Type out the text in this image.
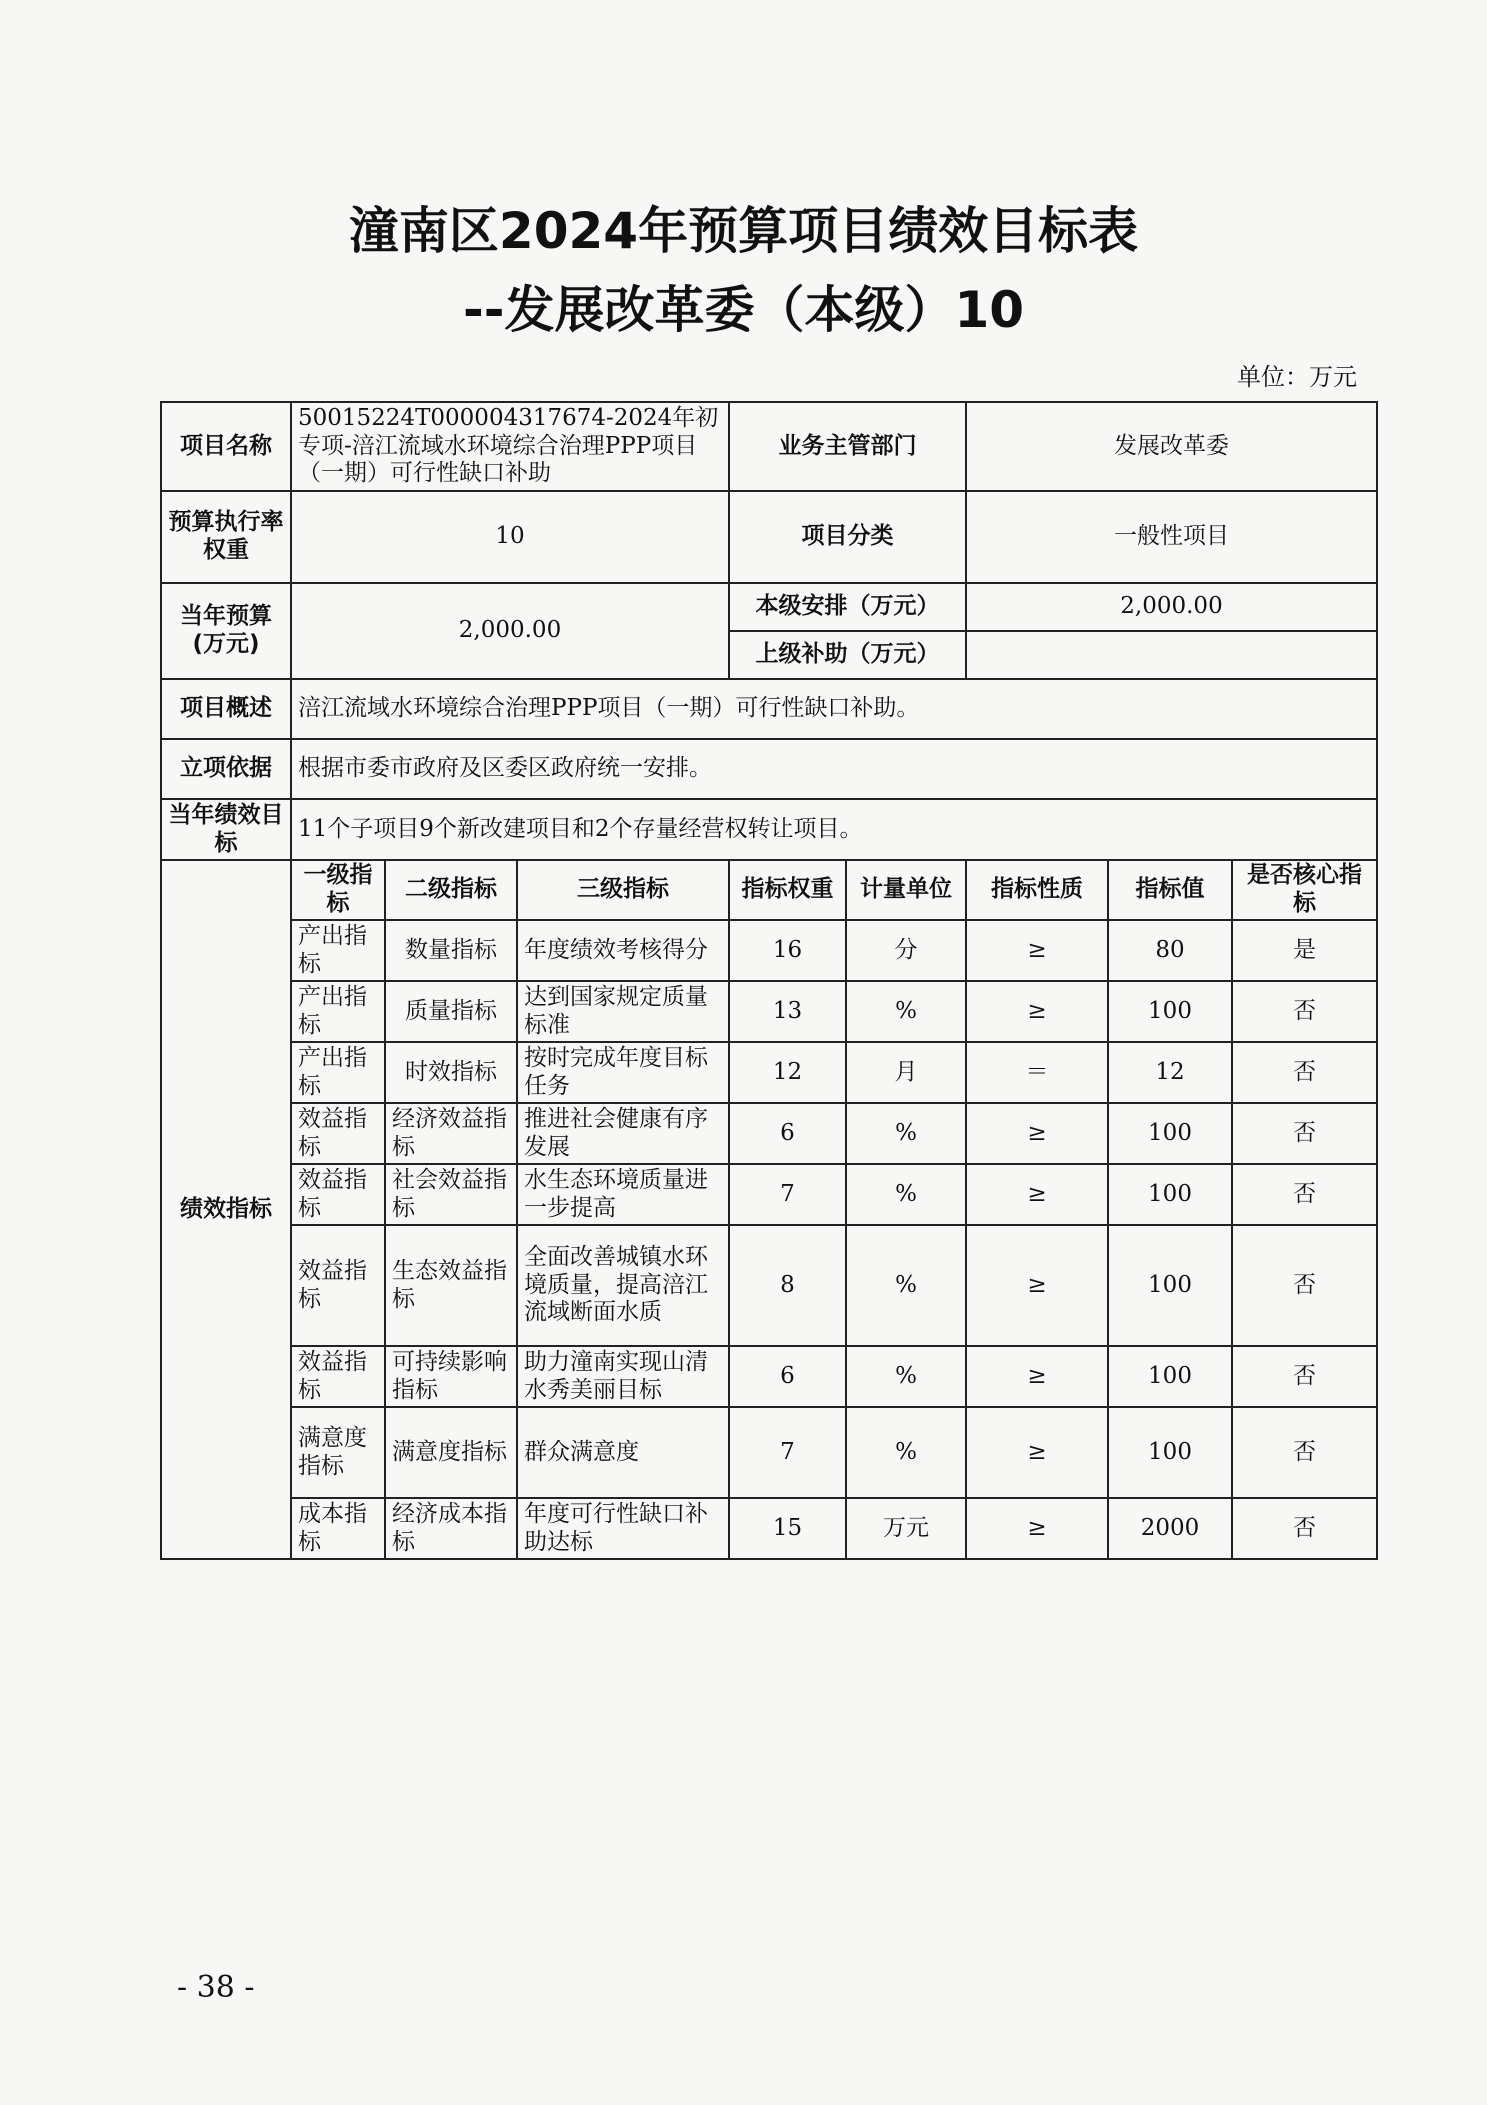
潼南区2024年预算项目绩效目标表
--发展改革委（本级）10
单位：万元
项目名称	50015224T000004317674-2024年初专项-涪江流域水环境综合治理PPP项目（一期）可行性缺口补助			业务主管部门		发展改革委		
预算执行率权重	10			项目分类		一般性项目		
当年预算(万元)	2,000.00			本级安排（万元）		2,000.00		
				上级补助（万元）				
项目概述	涪江流域水环境综合治理PPP项目（一期）可行性缺口补助。							
立项依据	根据市委市政府及区委区政府统一安排。							
当年绩效目标	11个子项目9个新改建项目和2个存量经营权转让项目。							
绩效指标	一级指标	二级指标	三级指标	指标权重	计量单位	指标性质	指标值	是否核心指标
	产出指标	数量指标	年度绩效考核得分	16	分	≥	80	是
	产出指标	质量指标	达到国家规定质量标准	13	%	≥	100	否
	产出指标	时效指标	按时完成年度目标任务	12	月	＝	12	否
	效益指标	经济效益指标	推进社会健康有序发展	6	%	≥	100	否
	效益指标	社会效益指标	水生态环境质量进一步提高	7	%	≥	100	否
	效益指标	生态效益指标	全面改善城镇水环境质量，提高涪江流域断面水质	8	%	≥	100	否
	效益指标	可持续影响指标	助力潼南实现山清水秀美丽目标	6	%	≥	100	否
	满意度指标	满意度指标	群众满意度	7	%	≥	100	否
	成本指标	经济成本指标	年度可行性缺口补助达标	15	万元	≥	2000	否
- 38 -
